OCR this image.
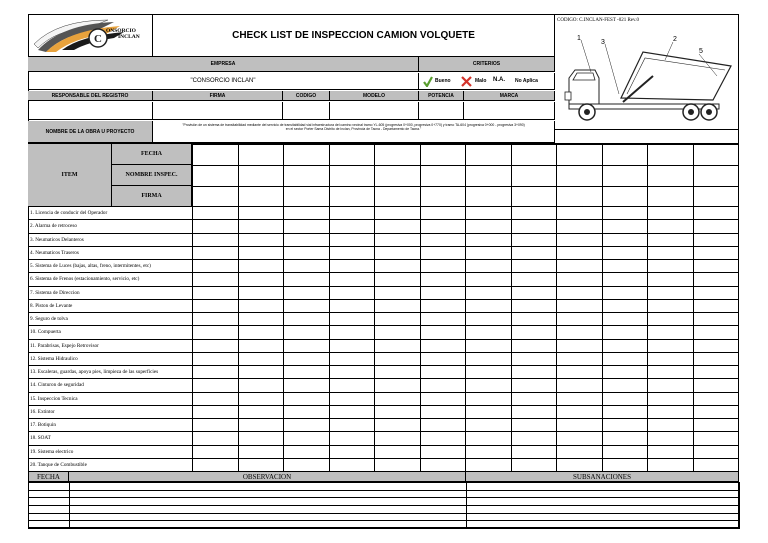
C
ONSORCIO
INCLAN	CHECK LIST DE INSPECCION CAMION VOLQUETE
CODIGO: C.INCLAN-FEST -021 Rev.0
1
3	2
5
EMPRESA	CRITERIOS
"CONSORCIO INCLAN"	Bueno	Malo N.A. No Aplica
RESPONSABLE DEL REGISTRO	FIRMA	CODIGO	MODELO	POTENCIA	MARCA
NOMBRE DE LA OBRA U PROYECTO
"Provisión de un sistema de transitabilidad mediante del servicio de transitabilidad vial infraestructura del camino vecinal tramo YL-605 (progresiva 0+000, progresiva 0+770) y tramo TA-604 (progresiva 0+000 - progresiva 3+090)
en el sector Porter Sama Distrito de Inclan, Provincia de Tacna - Departamento de Tacna."
ITEM
FECHA
NOMBRE INSPEC.
FIRMA

1. Licencia de conducir del Operador												
2. Alarma de retroceso												
3. Neumaticos Delanteros												
4. Neumaticos Traseros												
5. Sistema de Luces (bajas, altas, freno, intermitentes, etc)												
6. Sistema de Frenos (estacionamiento, servicio, etc)												
7. Sistema de Direccion												
8. Piston de Levante												
9. Seguro de tolva												
10. Compuerta												
11. Parabrisas, Espejo Retrovisor												
12. Sistema Hidraulico												
13. Escaleras, guardas, apoya pies, limpieza de las superficies												
14. Cinturon de seguridad												
15. Inspeccion Tecnica												
16. Extintor												
17. Botiquin												
18. SOAT												
19. Sistema electrico												
20. Tanque de Combustible												
FECHA	OBSERVACION	SUBSANACIONES
